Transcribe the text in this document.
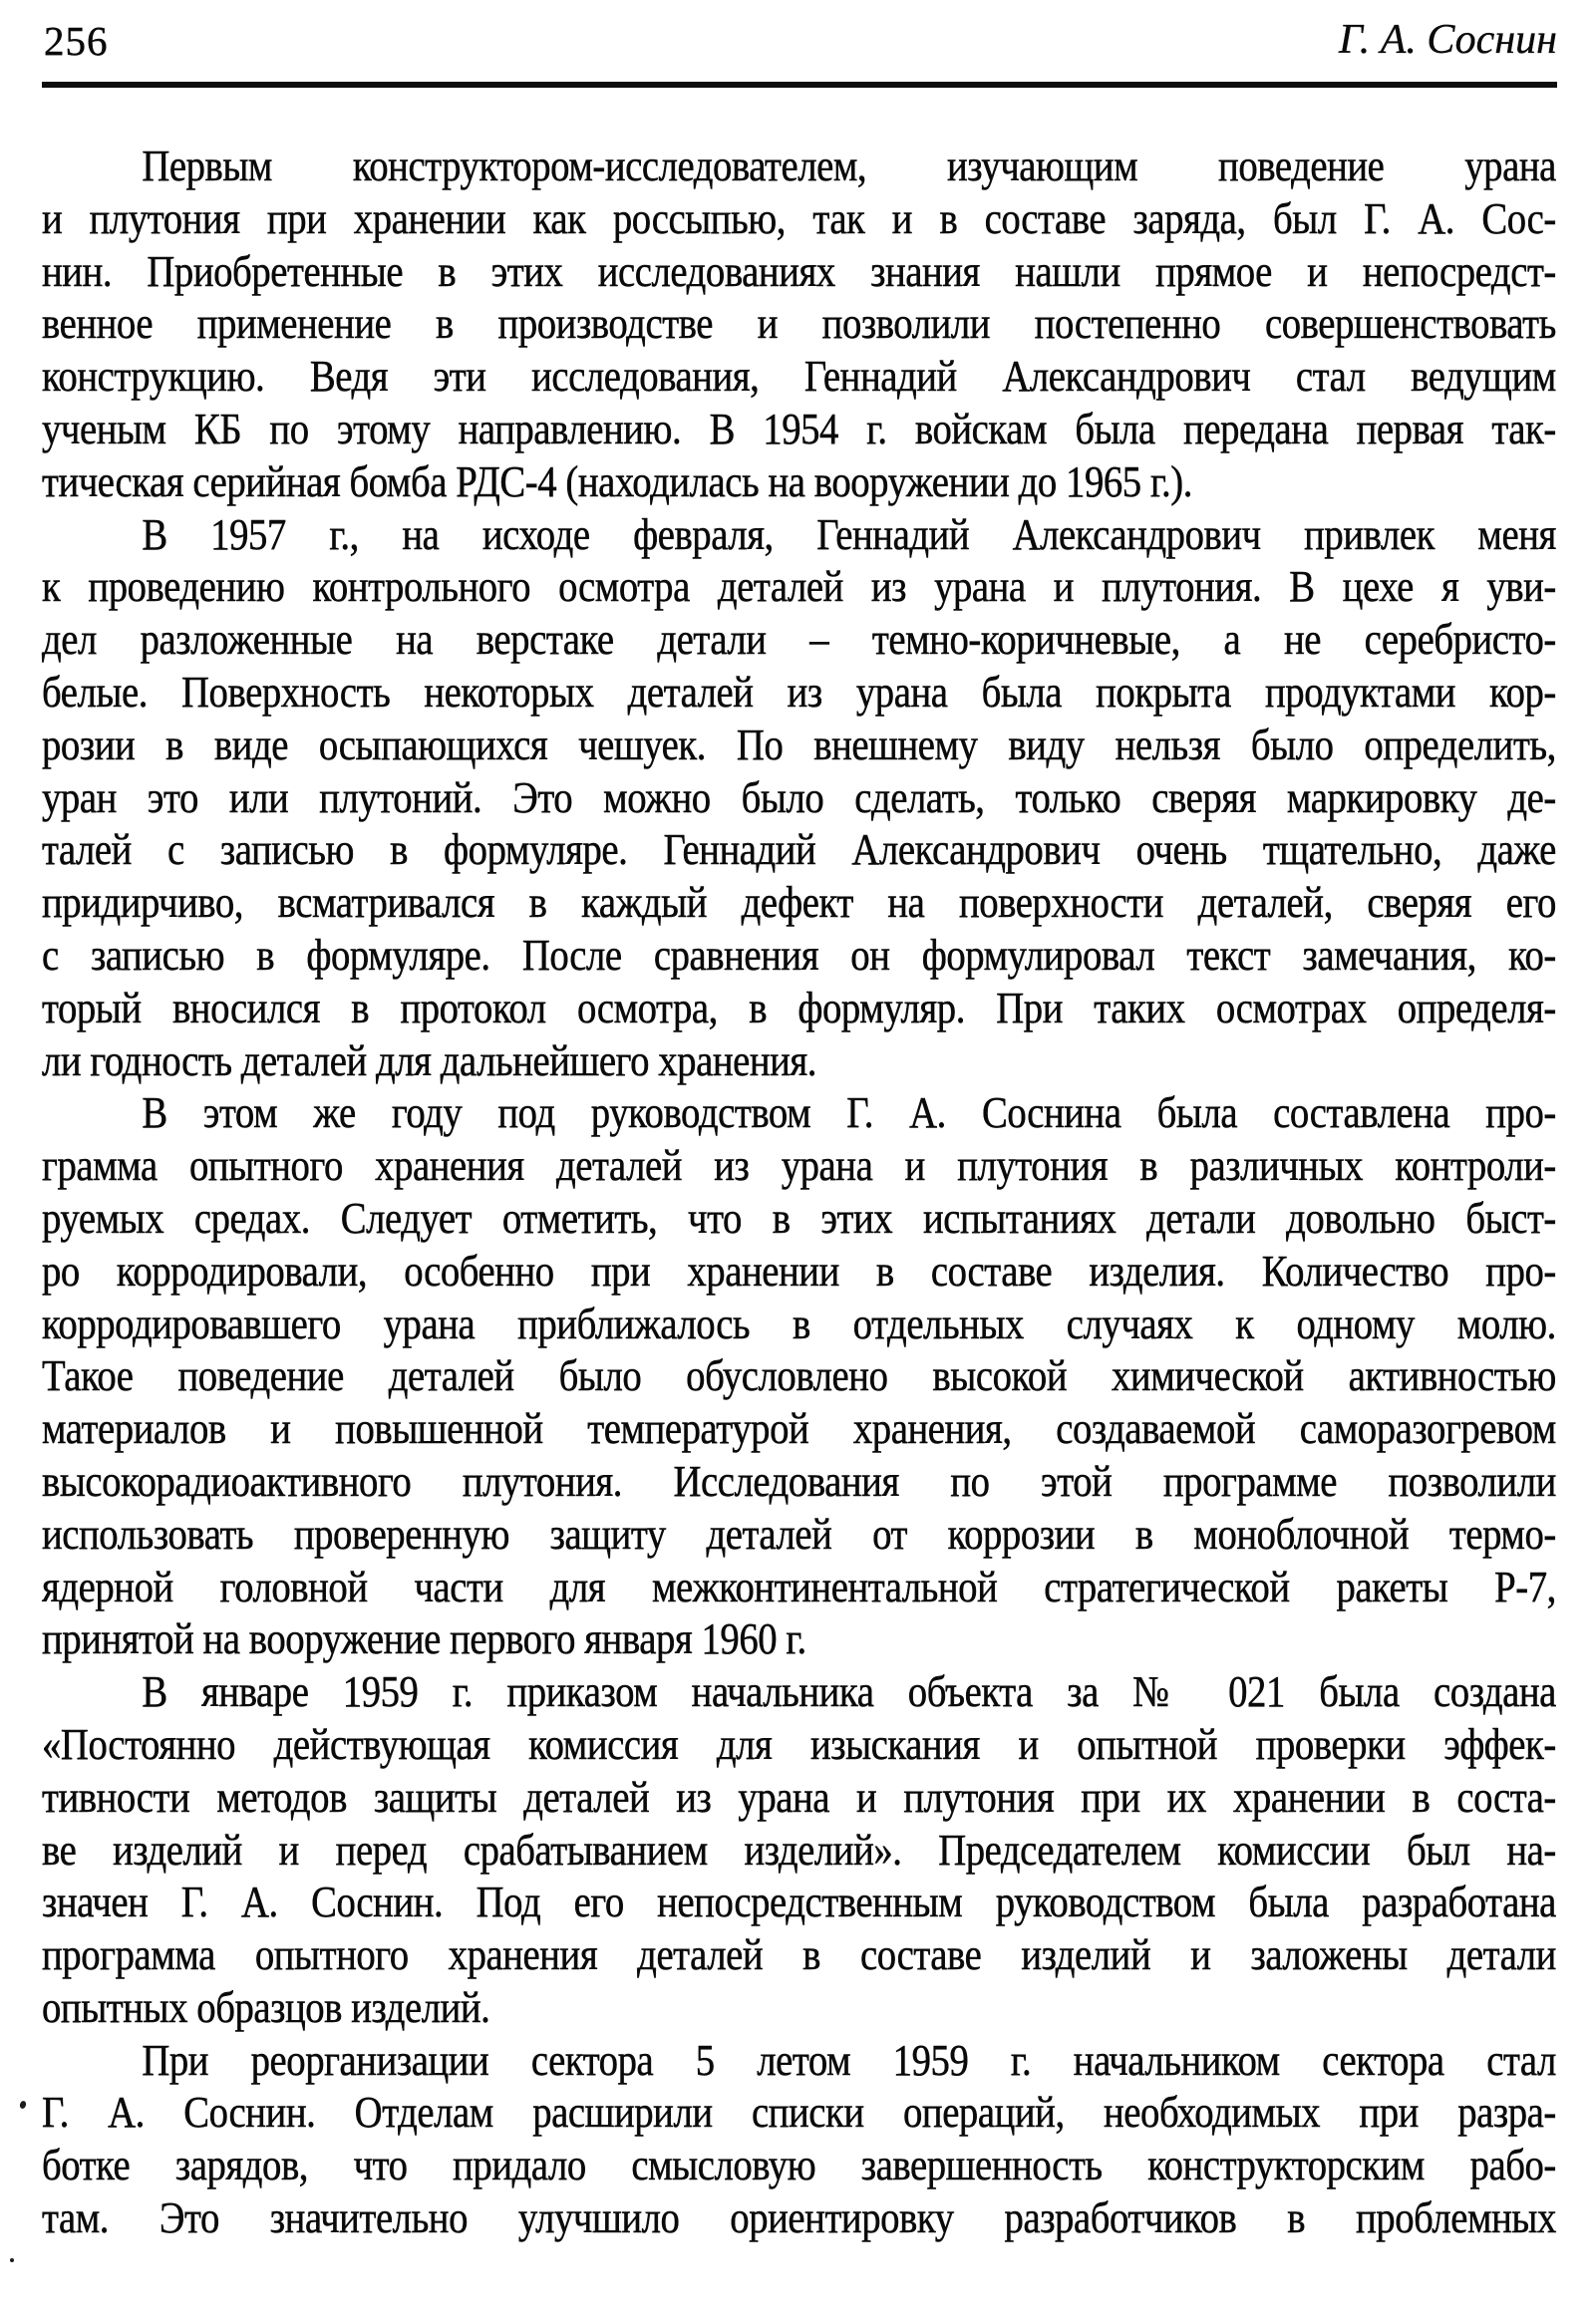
256	Г. А. Соснин
Первым конструктором-исследователем, изучающим поведение урана
и плутония при хранении как россыпью, так и в составе заряда, был Г. А. Сос-
нин. Приобретенные в этих исследованиях знания нашли прямое и непосредст-
венное применение в производстве и позволили постепенно совершенствовать
конструкцию. Ведя эти исследования, Геннадий Александрович стал ведущим
ученым КБ по этому направлению. В 1954 г. войскам была передана первая так-
тическая серийная бомба РДС-4 (находилась на вооружении до 1965 г.).
В 1957 г., на исходе февраля, Геннадий Александрович привлек меня
к проведению контрольного осмотра деталей из урана и плутония. В цехе я уви-
дел разложенные на верстаке детали – темно-коричневые, а не серебристо-
белые. Поверхность некоторых деталей из урана была покрыта продуктами кор-
розии в виде осыпающихся чешуек. По внешнему виду нельзя было определить,
уран это или плутоний. Это можно было сделать, только сверяя маркировку де-
талей с записью в формуляре. Геннадий Александрович очень тщательно, даже
придирчиво, всматривался в каждый дефект на поверхности деталей, сверяя его
с записью в формуляре. После сравнения он формулировал текст замечания, ко-
торый вносился в протокол осмотра, в формуляр. При таких осмотрах определя-
ли годность деталей для дальнейшего хранения.
В этом же году под руководством Г. А. Соснина была составлена про-
грамма опытного хранения деталей из урана и плутония в различных контроли-
руемых средах. Следует отметить, что в этих испытаниях детали довольно быст-
ро корродировали, особенно при хранении в составе изделия. Количество про-
корродировавшего урана приближалось в отдельных случаях к одному молю.
Такое поведение деталей было обусловлено высокой химической активностью
материалов и повышенной температурой хранения, создаваемой саморазогревом
высокорадиоактивного плутония. Исследования по этой программе позволили
использовать проверенную защиту деталей от коррозии в моноблочной термо-
ядерной головной части для межконтинентальной стратегической ракеты Р-7,
принятой на вооружение первого января 1960 г.
В январе 1959 г. приказом начальника объекта за № 021 была создана
«Постоянно действующая комиссия для изыскания и опытной проверки эффек-
тивности методов защиты деталей из урана и плутония при их хранении в соста-
ве изделий и перед срабатыванием изделий». Председателем комиссии был на-
значен Г. А. Соснин. Под его непосредственным руководством была разработана
программа опытного хранения деталей в составе изделий и заложены детали
опытных образцов изделий.
При реорганизации сектора 5 летом 1959 г. начальником сектора стал
Г. А. Соснин. Отделам расширили списки операций, необходимых при разра-
ботке зарядов, что придало смысловую завершенность конструкторским рабо-
там. Это значительно улучшило ориентировку разработчиков в проблемных
